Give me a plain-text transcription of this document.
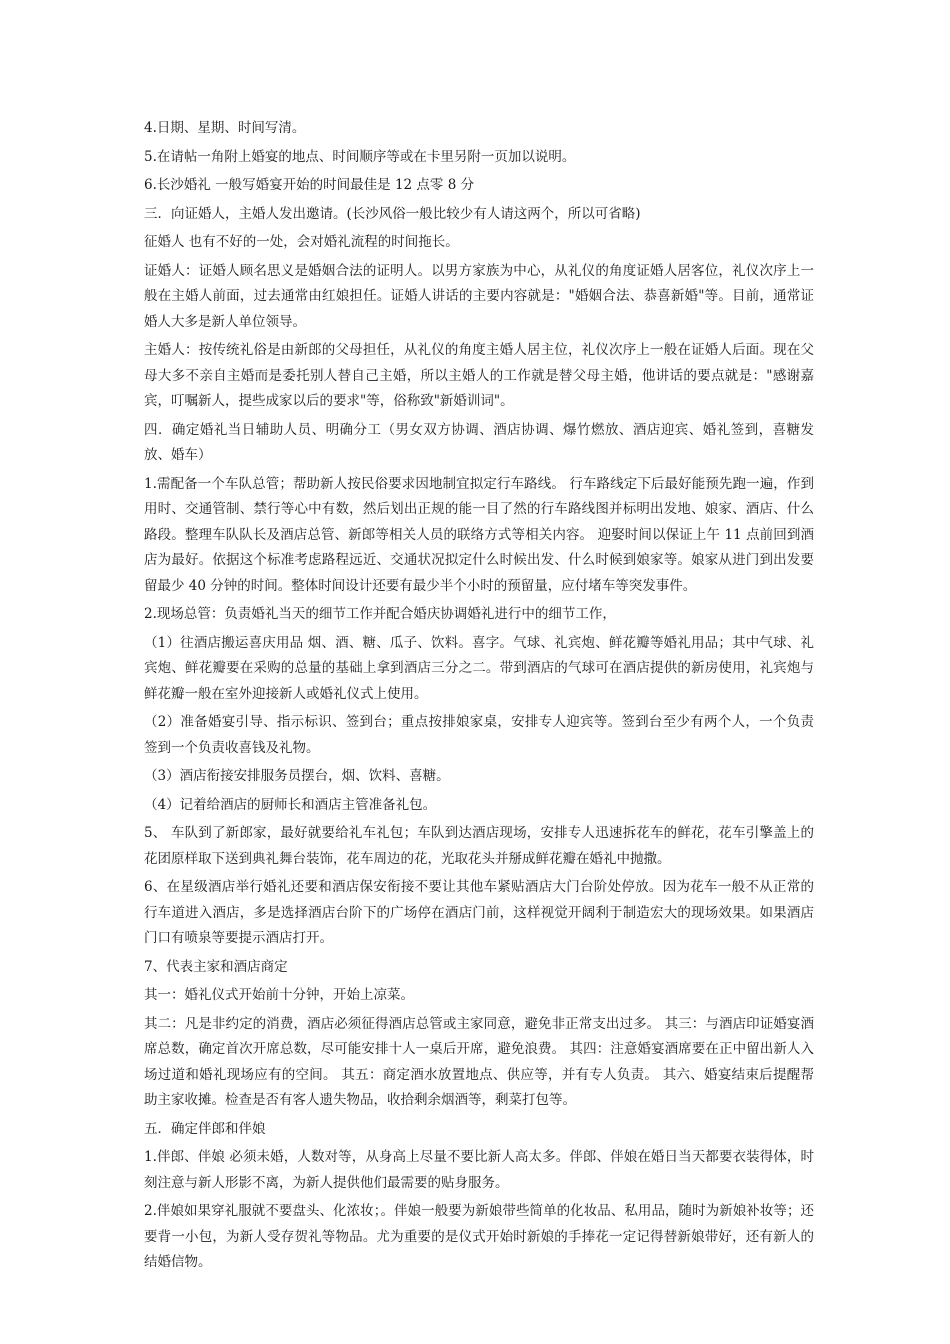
4.日期、星期、时间写清。

5.在请帖一角附上婚宴的地点、时间顺序等或在卡里另附一页加以说明。

6.长沙婚礼 一般写婚宴开始的时间最佳是 12 点零 8 分

三．向证婚人，主婚人发出邀请。(长沙风俗一般比较少有人请这两个，所以可省略)

征婚人 也有不好的一处，会对婚礼流程的时间拖长。

证婚人：证婚人顾名思义是婚姻合法的证明人。以男方家族为中心，从礼仪的角度证婚人居客位，礼仪次序上一般在主婚人前面，过去通常由红娘担任。证婚人讲话的主要内容就是："婚姻合法、恭喜新婚"等。目前，通常证婚人大多是新人单位领导。

主婚人：按传统礼俗是由新郎的父母担任，从礼仪的角度主婚人居主位，礼仪次序上一般在证婚人后面。现在父母大多不亲自主婚而是委托别人替自己主婚，所以主婚人的工作就是替父母主婚，他讲话的要点就是："感谢嘉宾，叮嘱新人，提些成家以后的要求"等，俗称致"新婚训词"。

四．确定婚礼当日辅助人员、明确分工（男女双方协调、酒店协调、爆竹燃放、酒店迎宾、婚礼签到，喜糖发放、婚车）

1.需配备一个车队总管；帮助新人按民俗要求因地制宜拟定行车路线。 行车路线定下后最好能预先跑一遍，作到用时、交通管制、禁行等心中有数，然后划出正规的能一目了然的行车路线图并标明出发地、娘家、酒店、什么路段。整理车队队长及酒店总管、新郎等相关人员的联络方式等相关内容。 迎娶时间以保证上午 11 点前回到酒店为最好。依据这个标准考虑路程远近、交通状况拟定什么时候出发、什么时候到娘家等。娘家从进门到出发要留最少 40 分钟的时间。整体时间设计还要有最少半个小时的预留量，应付堵车等突发事件。

2.现场总管：负责婚礼当天的细节工作并配合婚庆协调婚礼进行中的细节工作，

（1）往酒店搬运喜庆用品 烟、酒、糖、瓜子、饮料。喜字。气球、礼宾炮、鲜花瓣等婚礼用品；其中气球、礼宾炮、鲜花瓣要在采购的总量的基础上拿到酒店三分之二。带到酒店的气球可在酒店提供的新房使用，礼宾炮与鲜花瓣一般在室外迎接新人或婚礼仪式上使用。

（2）准备婚宴引导、指示标识、签到台；重点按排娘家桌，安排专人迎宾等。签到台至少有两个人，一个负责签到一个负责收喜钱及礼物。

（3）酒店衔接安排服务员摆台，烟、饮料、喜糖。

（4）记着给酒店的厨师长和酒店主管准备礼包。

5、 车队到了新郎家，最好就要给礼车礼包；车队到达酒店现场，安排专人迅速拆花车的鲜花，花车引擎盖上的花团原样取下送到典礼舞台装饰，花车周边的花，光取花头并掰成鲜花瓣在婚礼中抛撒。

6、在星级酒店举行婚礼还要和酒店保安衔接不要让其他车紧贴酒店大门台阶处停放。因为花车一般不从正常的行车道进入酒店，多是选择酒店台阶下的广场停在酒店门前，这样视觉开阔利于制造宏大的现场效果。如果酒店门口有喷泉等要提示酒店打开。

7、代表主家和酒店商定

其一：婚礼仪式开始前十分钟，开始上凉菜。

其二：凡是非约定的消费，酒店必须征得酒店总管或主家同意，避免非正常支出过多。 其三：与酒店印证婚宴酒席总数，确定首次开席总数，尽可能安排十人一桌后开席，避免浪费。 其四：注意婚宴酒席要在正中留出新人入场过道和婚礼现场应有的空间。 其五：商定酒水放置地点、供应等，并有专人负责。 其六、婚宴结束后提醒帮助主家收摊。检查是否有客人遗失物品，收拾剩余烟酒等，剩菜打包等。

五．确定伴郎和伴娘

1.伴郎、伴娘 必须未婚，人数对等，从身高上尽量不要比新人高太多。伴郎、伴娘在婚日当天都要衣装得体，时刻注意与新人形影不离，为新人提供他们最需要的贴身服务。

2.伴娘如果穿礼服就不要盘头、化浓妆；。伴娘一般要为新娘带些简单的化妆品、私用品，随时为新娘补妆等；还要背一小包，为新人受存贺礼等物品。尤为重要的是仪式开始时新娘的手捧花一定记得替新娘带好，还有新人的结婚信物。
